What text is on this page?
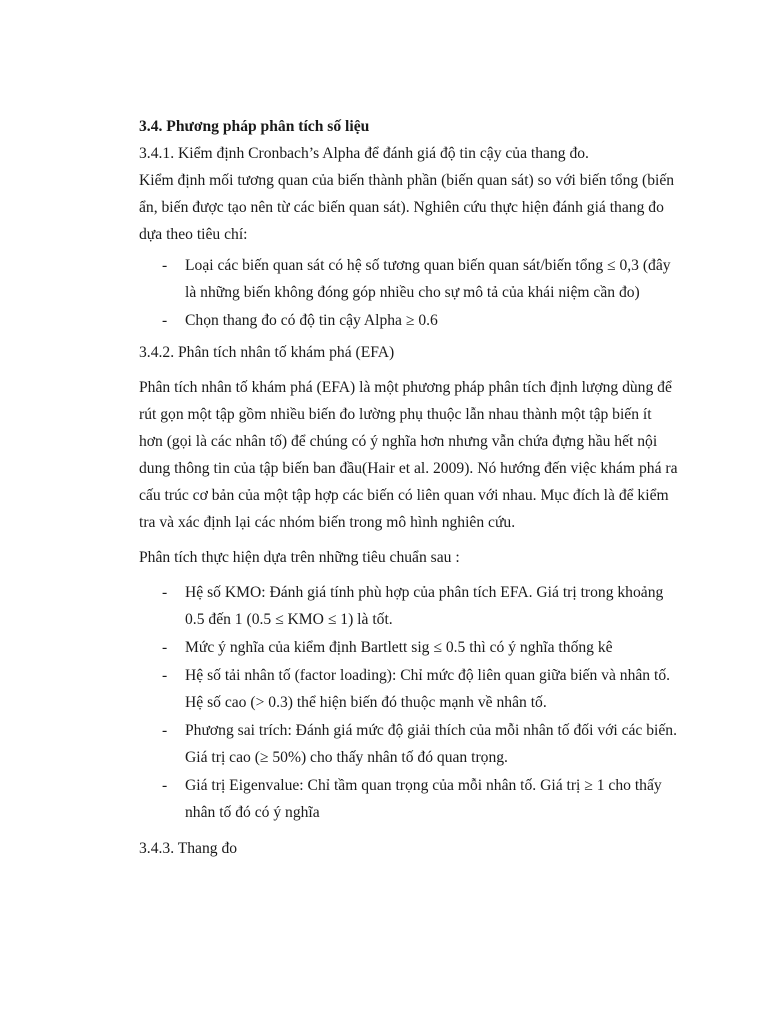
3.4. Phương pháp phân tích số liệu

3.4.1. Kiểm định Cronbach’s Alpha để đánh giá độ tin cậy của thang đo.

Kiểm định mối tương quan của biến thành phần (biến quan sát) so với biến tổng (biến ẩn, biến được tạo nên từ các biến quan sát). Nghiên cứu thực hiện đánh giá thang đo dựa theo tiêu chí:

- Loại các biến quan sát có hệ số tương quan biến quan sát/biến tổng ≤ 0,3 (đây là những biến không đóng góp nhiều cho sự mô tả của khái niệm cần đo)
- Chọn thang đo có độ tin cậy Alpha ≥ 0.6

3.4.2. Phân tích nhân tố khám phá (EFA)

Phân tích nhân tố khám phá (EFA) là một phương pháp phân tích định lượng dùng để rút gọn một tập gồm nhiều biến đo lường phụ thuộc lẫn nhau thành một tập biến ít hơn (gọi là các nhân tố) để chúng có ý nghĩa hơn nhưng vẫn chứa đựng hầu hết nội dung thông tin của tập biến ban đầu(Hair et al. 2009). Nó hướng đến việc khám phá ra cấu trúc cơ bản của một tập hợp các biến có liên quan với nhau. Mục đích là để kiểm tra và xác định lại các nhóm biến trong mô hình nghiên cứu.

Phân tích thực hiện dựa trên những tiêu chuẩn sau :

- Hệ số KMO: Đánh giá tính phù hợp của phân tích EFA. Giá trị trong khoảng 0.5 đến 1 (0.5 ≤ KMO ≤ 1) là tốt.
- Mức ý nghĩa của kiểm định Bartlett sig ≤ 0.5 thì có ý nghĩa thống kê
- Hệ số tải nhân tố (factor loading): Chỉ mức độ liên quan giữa biến và nhân tố. Hệ số cao (> 0.3) thể hiện biến đó thuộc mạnh về nhân tố.
- Phương sai trích: Đánh giá mức độ giải thích của mỗi nhân tố đối với các biến. Giá trị cao (≥ 50%) cho thấy nhân tố đó quan trọng.
- Giá trị Eigenvalue: Chỉ tầm quan trọng của mỗi nhân tố. Giá trị ≥ 1 cho thấy nhân tố đó có ý nghĩa

3.4.3. Thang đo
